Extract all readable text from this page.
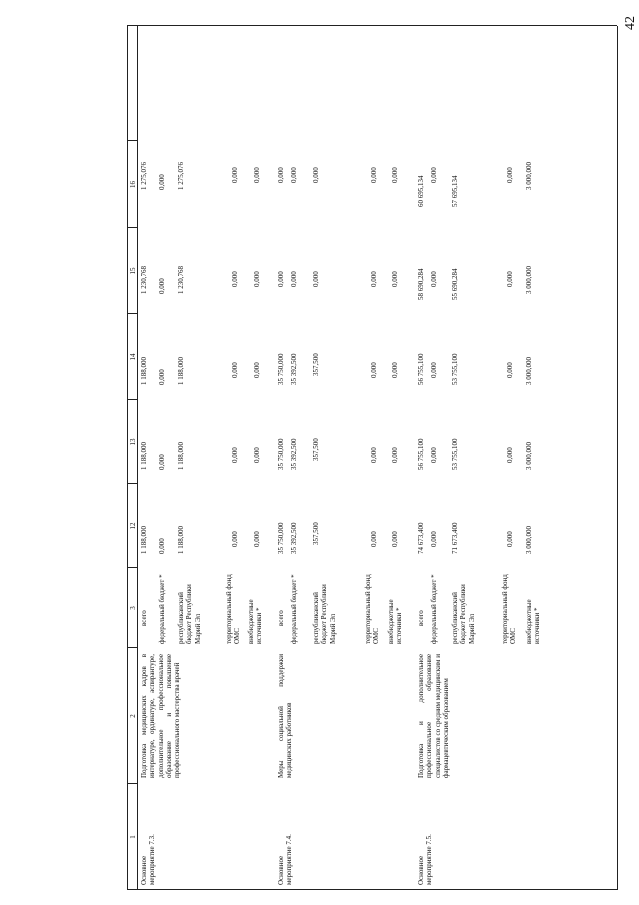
42
1
2
3
12
13
14
15
16
Основное мероприятие 7.3.
Подготовка медицинских кадров в интернатуре, ординатуре, аспирантуре, дополнительное профессиональное образование и повышение профессионального мастерства врачей
всего
1 188,000
1 188,000
1 188,000
1 230,768
1 275,076
федеральный бюджет *
0,000
0,000
0,000
0,000
0,000
республиканский бюджет Республики Марий Эл
1 188,000
1 188,000
1 188,000
1 230,768
1 275,076
территориальный фонд ОМС
0,000
0,000
0,000
0,000
0,000
внебюджетные источники *
0,000
0,000
0,000
0,000
0,000
Основное мероприятие 7.4.
Меры социальной поддержки медицинских работников
всего
35 750,000
35 750,000
35 750,000
0,000
0,000
федеральный бюджет *
35 392,500
35 392,500
35 392,500
0,000
0,000
республиканский бюджет Республики Марий Эл
357,500
357,500
357,500
0,000
0,000
территориальный фонд ОМС
0,000
0,000
0,000
0,000
0,000
внебюджетные источники *
0,000
0,000
0,000
0,000
0,000
Основное мероприятие 7.5.
Подготовка и дополнительное профессиональное образование специалистов со средним медицинским и фармацевтическим образованием
всего
74 673,400
56 755,100
56 755,100
58 690,284
60 695,134
федеральный бюджет *
0,000
0,000
0,000
0,000
0,000
республиканский бюджет Республики Марий Эл
71 673,400
53 755,100
53 755,100
55 690,284
57 695,134
территориальный фонд ОМС
0,000
0,000
0,000
0,000
0,000
внебюджетные источники *
3 000,000
3 000,000
3 000,000
3 000,000
3 000,000
